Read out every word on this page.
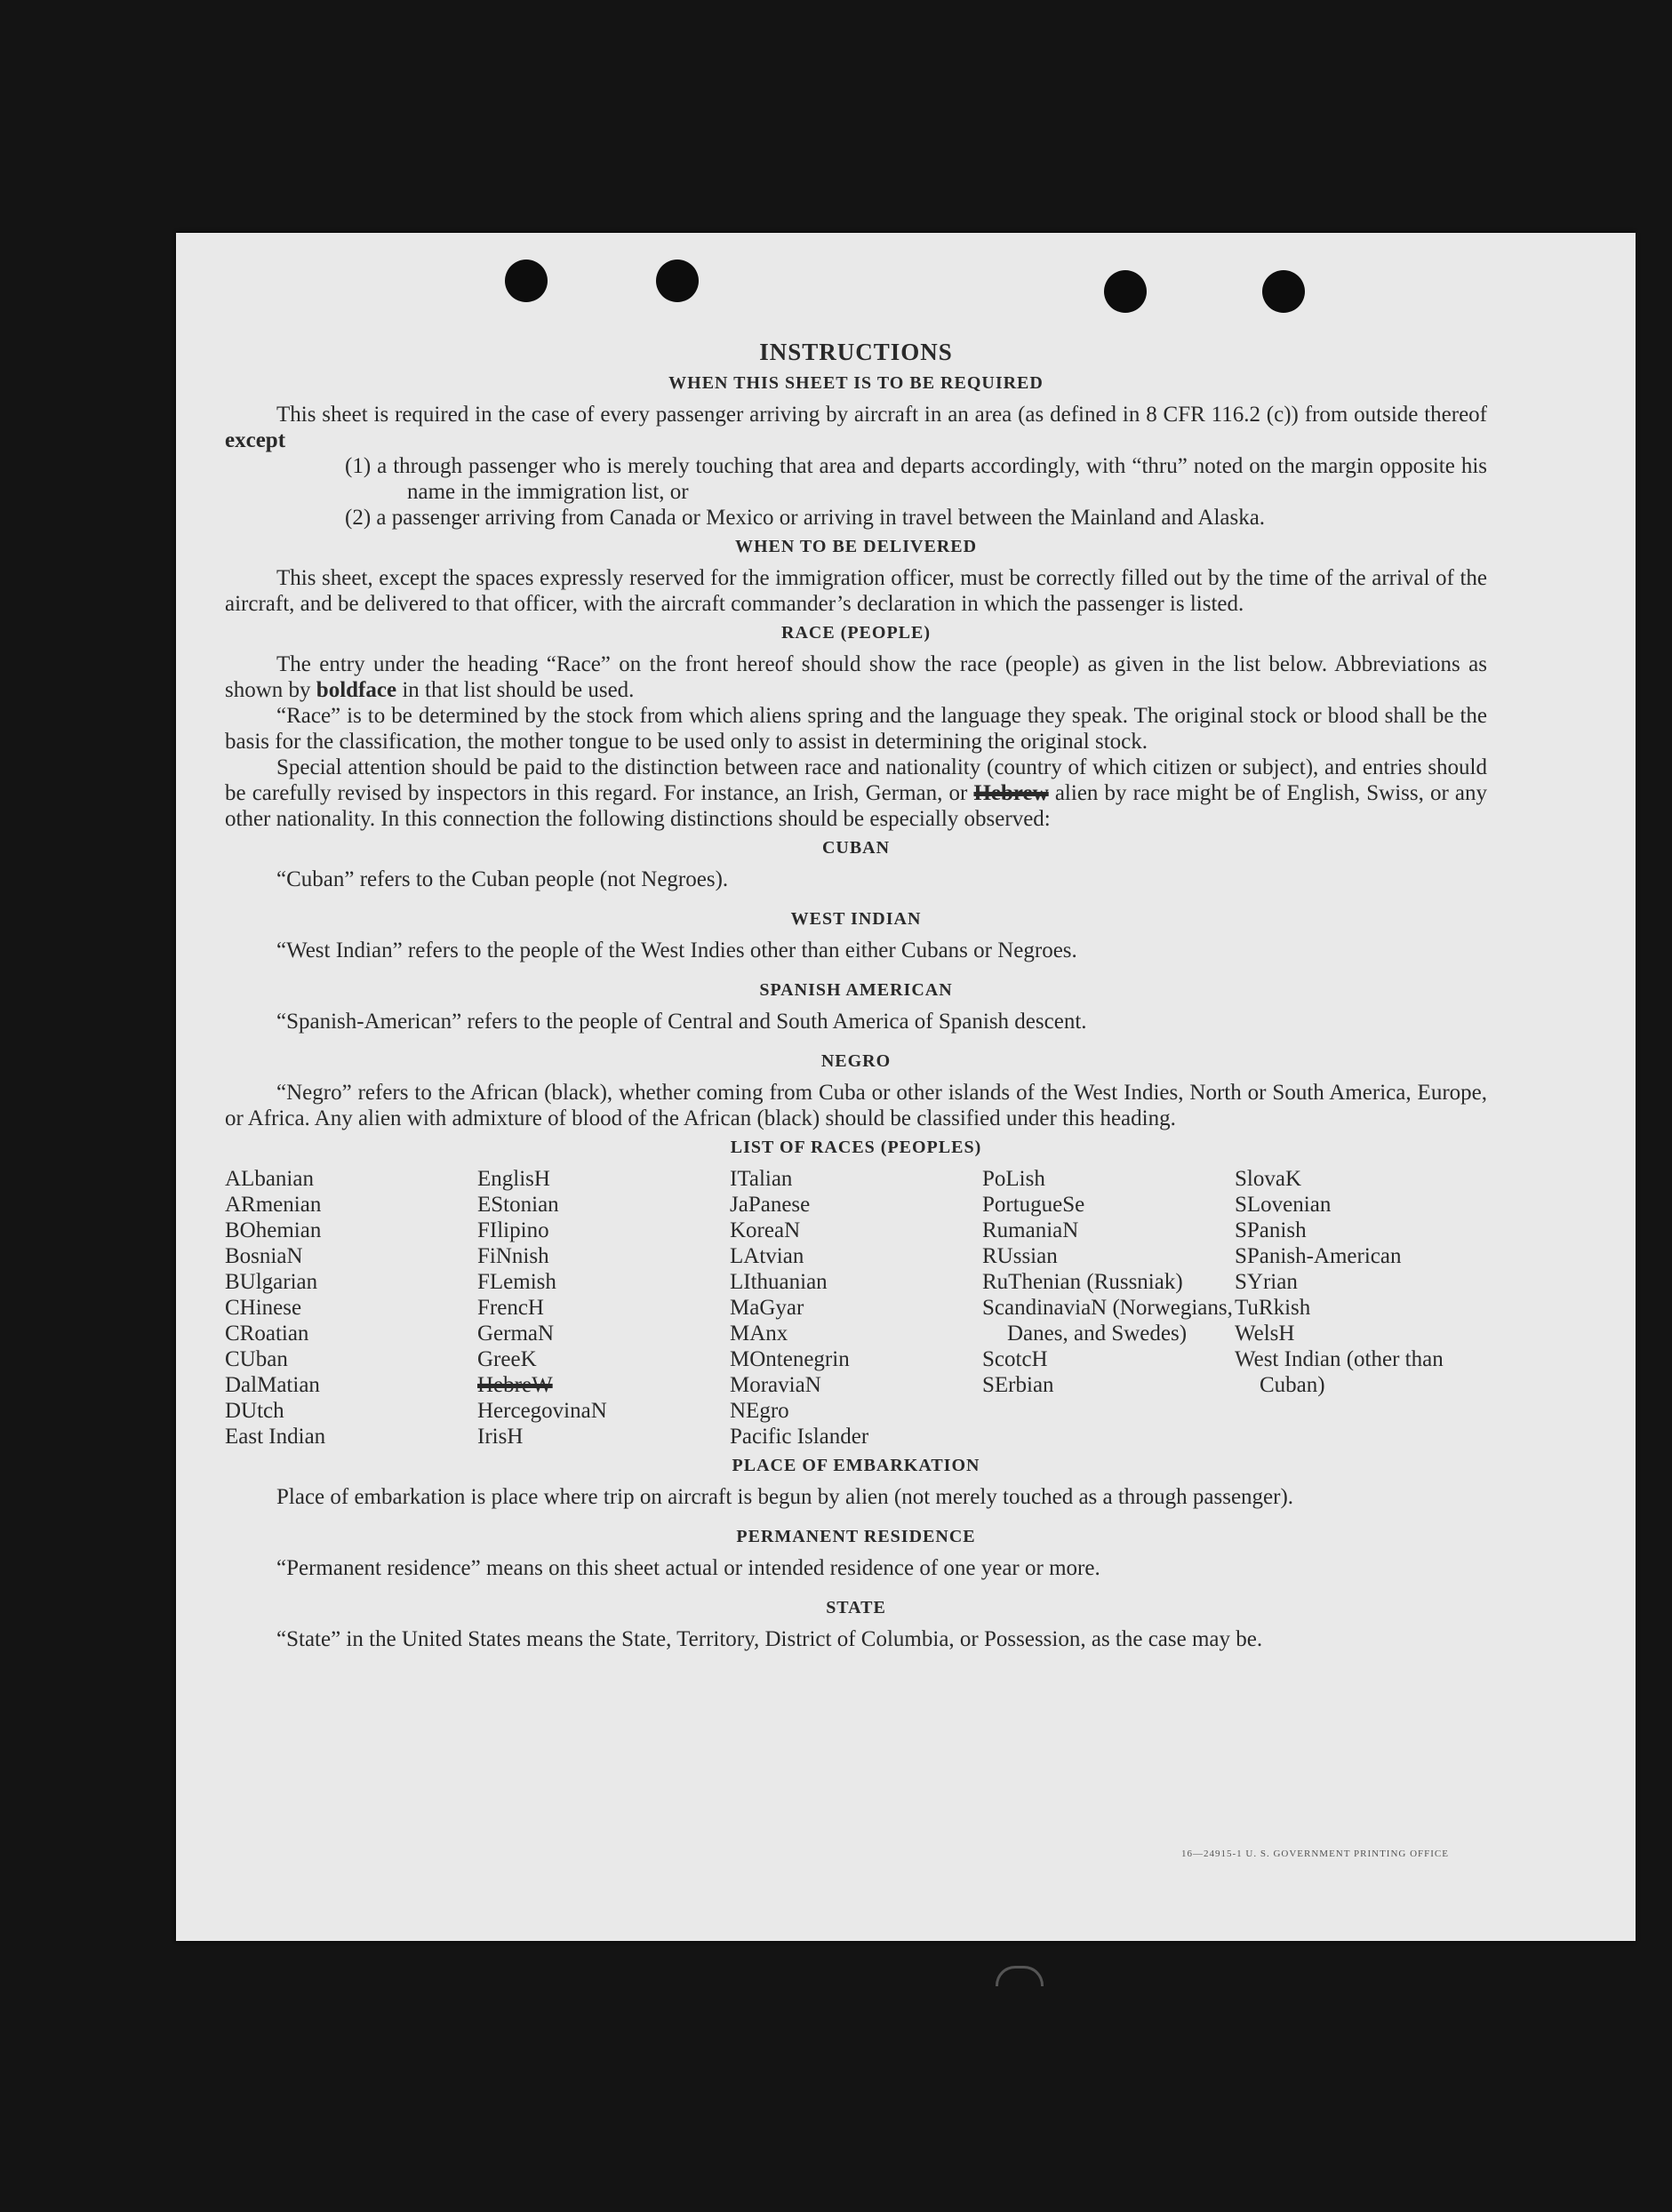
INSTRUCTIONS
WHEN THIS SHEET IS TO BE REQUIRED

This sheet is required in the case of every passenger arriving by aircraft in an area (as defined in 8 CFR 116.2 (c)) from outside thereof except

(1) a through passenger who is merely touching that area and departs accordingly, with “thru” noted on the margin opposite his name in the immigration list, or

(2) a passenger arriving from Canada or Mexico or arriving in travel between the Mainland and Alaska.

WHEN TO BE DELIVERED

This sheet, except the spaces expressly reserved for the immigration officer, must be correctly filled out by the time of the arrival of the aircraft, and be delivered to that officer, with the aircraft commander’s declaration in which the passenger is listed.

RACE (PEOPLE)

The entry under the heading “Race” on the front hereof should show the race (people) as given in the list below. Abbreviations as shown by boldface in that list should be used.

“Race” is to be determined by the stock from which aliens spring and the language they speak. The original stock or blood shall be the basis for the classification, the mother tongue to be used only to assist in determining the original stock.

Special attention should be paid to the distinction between race and nationality (country of which citizen or subject), and entries should be carefully revised by inspectors in this regard. For instance, an Irish, German, or Hebrew alien by race might be of English, Swiss, or any other nationality. In this connection the following distinctions should be especially observed:

CUBAN

“Cuban” refers to the Cuban people (not Negroes).

WEST INDIAN

“West Indian” refers to the people of the West Indies other than either Cubans or Negroes.

SPANISH AMERICAN

“Spanish-American” refers to the people of Central and South America of Spanish descent.

NEGRO

“Negro” refers to the African (black), whether coming from Cuba or other islands of the West Indies, North or South America, Europe, or Africa. Any alien with admixture of blood of the African (black) should be classified under this heading.

LIST OF RACES (PEOPLES)
ALbanian
ARmenian
BOhemian
BosniaN
BUlgarian
CHinese
CRoatian
CUban
DalMatian
DUtch
East Indian
EnglisH
EStonian
FIlipino
FiNnish
FLemish
FrencH
GermaN
GreeK
HebreW
HercegovinaN
IrisH
ITalian
JaPanese
KoreaN
LAtvian
LIthuanian
MaGyar
MAnx
MOntenegrin
MoraviaN
NEgro
Pacific Islander
PoLish
PortugueSe
RumaniaN
RUssian
RuThenian (Russniak)
ScandinaviaN (Norwegians, Danes, and Swedes)
ScotcH
SErbian
SlovaK
SLovenian
SPanish
SPanish-American
SYrian
TuRkish
WelsH
West Indian (other than Cuban)
PLACE OF EMBARKATION

Place of embarkation is place where trip on aircraft is begun by alien (not merely touched as a through passenger).

PERMANENT RESIDENCE

“Permanent residence” means on this sheet actual or intended residence of one year or more.

STATE

“State” in the United States means the State, Territory, District of Columbia, or Possession, as the case may be.

16—24915-1 U. S. GOVERNMENT PRINTING OFFICE
